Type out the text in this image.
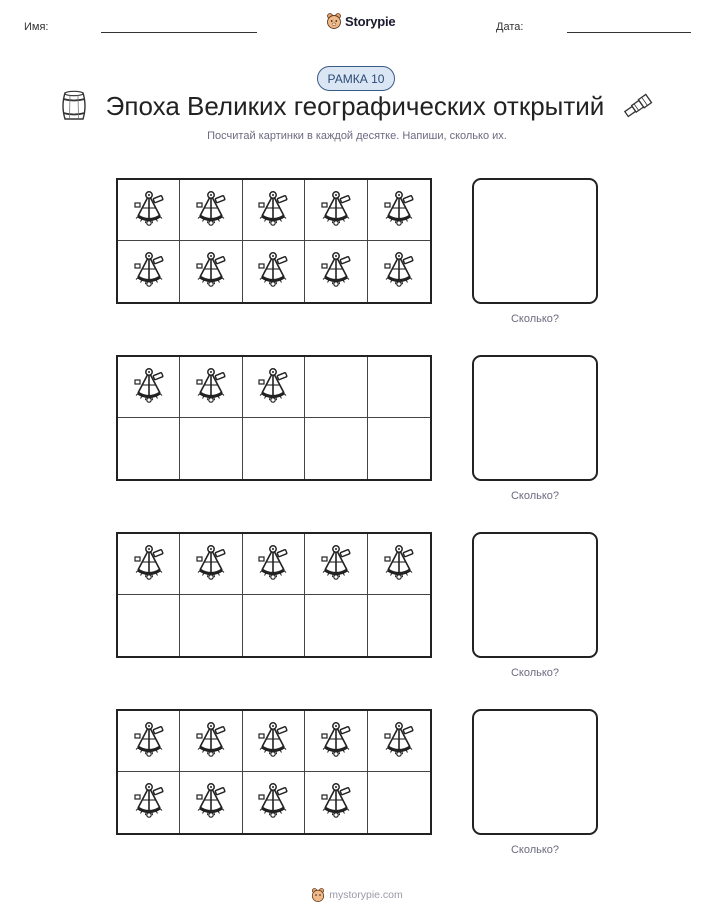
Имя:	Storypie	Дата:
РАМКА 10
Эпоха Великих географических открытий
Посчитай картинки в каждой десятке. Напиши, сколько их.
Сколько?
Сколько?
Сколько?
Сколько?
mystorypie.com
